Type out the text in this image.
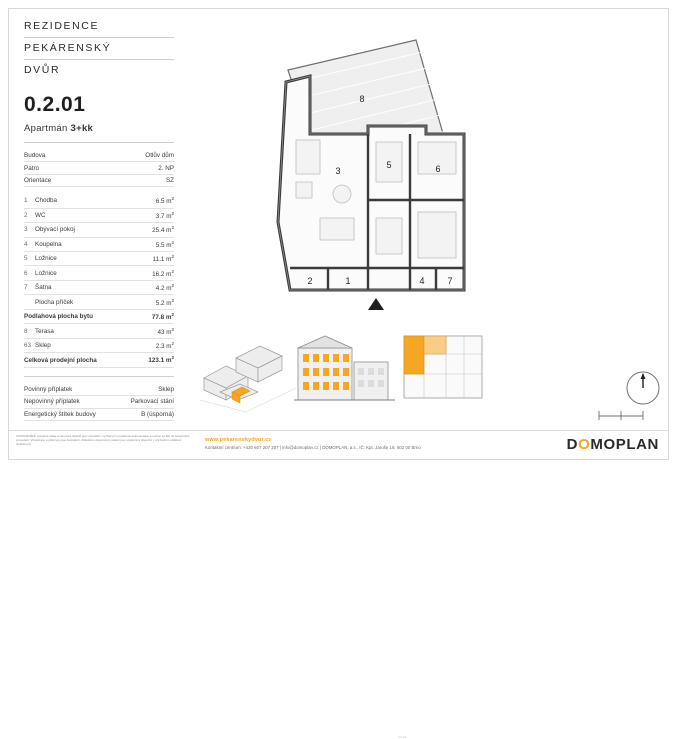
REZIDENCE
PEKÁRENSKÝ
DVŮR
0.2.01
Apartmán 3+kk
Budova	Otlův dům
Patro	2. NP
Orientace	SZ
1	Chodba	6.5 $m^2$
2	WC	3.7 $m^2$
3	Obývací pokoj	25.4 $m^2$
4	Koupelna	5.5 $m^2$
5	Ložnice	11.1 $m^2$
6	Ložnice	16.2 $m^2$
7	Šatna	4.2 $m^2$
	Plocha příček	5.2 $m^2$
Podlahová plocha bytu		77.8 $m^2$
8	Terasa	43 $m^2$
63	Sklep	2.3 $m^2$
Celková prodejní plocha		123.1 $m^2$
Povinný příplatek	Sklep
Nepovinný příplatek	Parkovací stání
Energetický štítek budovy	B (úsporná)
8
3
5	6
2	1	4	7
0.2.01
UPOZORNĚNÍ: Uvedené údaje a situování objektů jsou orientační, vycházejí z projektové dokumentace a mohou se lišit od skutečného provedení. Vizualizace a půdorysy jsou ilustrativní. Aktuálně a doporučení ostatní jsou výslovně k dispozici v obchodním oddělení společnosti.
www.pekarenskydvur.cz
Kontaktní centrum: +420 607 207 207 | info@domoplan.cz | DOMOPLAN, a.s., IČ: Kpt. Jaroše 19, 602 00 Brno	DOMOPLAN
